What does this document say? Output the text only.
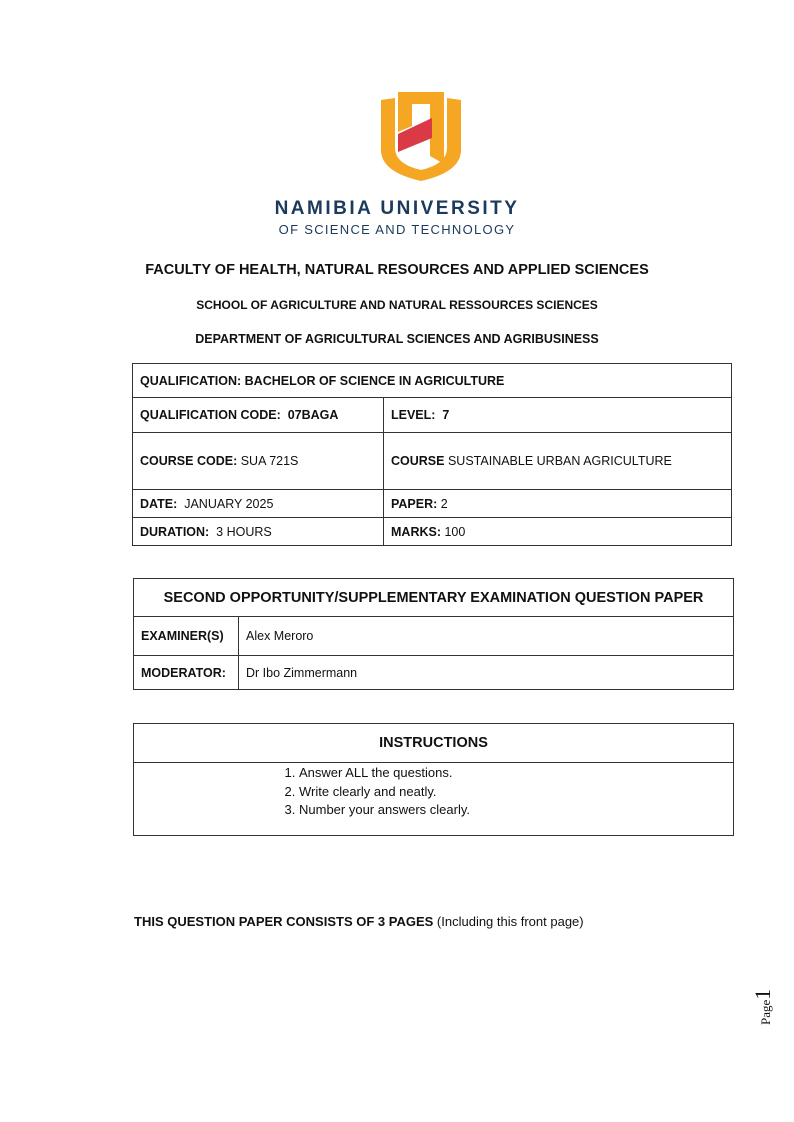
NAMIBIA UNIVERSITY
OF SCIENCE AND TECHNOLOGY
FACULTY OF HEALTH, NATURAL RESOURCES AND APPLIED SCIENCES
SCHOOL OF AGRICULTURE AND NATURAL RESSOURCES SCIENCES
DEPARTMENT OF AGRICULTURAL SCIENCES AND AGRIBUSINESS
QUALIFICATION: BACHELOR OF SCIENCE IN AGRICULTURE	
QUALIFICATION CODE: 07BAGA	LEVEL: 7
COURSE CODE: SUA 721S	COURSE SUSTAINABLE URBAN AGRICULTURE
DATE: JANUARY 2025	PAPER: 2
DURATION: 3 HOURS	MARKS: 100
SECOND OPPORTUNITY/SUPPLEMENTARY EXAMINATION QUESTION PAPER	
EXAMINER(S)	Alex Meroro
MODERATOR:	Dr Ibo Zimmermann
INSTRUCTIONS

1. Answer ALL the questions.
2. Write clearly and neatly.
3. Number your answers clearly.
THIS QUESTION PAPER CONSISTS OF 3 PAGES (Including this front page)
Page1
